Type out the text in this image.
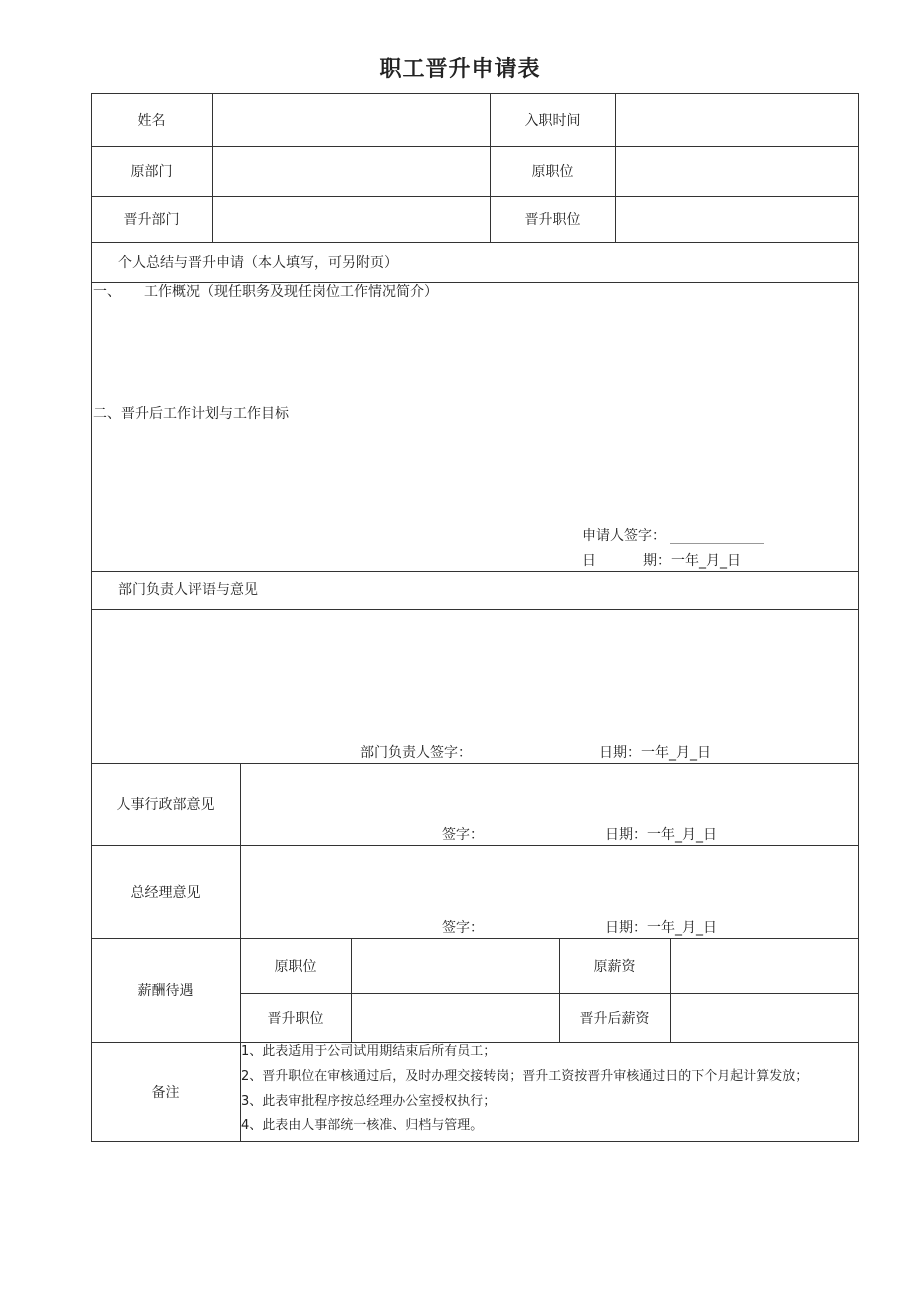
职工晋升申请表
姓名	入职时间
原部门	原职位
晋升部门	晋升职位
个人总结与晋升申请（本人填写，可另附页）
一、 工作概况（现任职务及现任岗位工作情况简介）
二、晋升后工作计划与工作目标
申请人签字：
日	期：一年_月_日
部门负责人评语与意见
部门负责人签字：	日期：一年_月_日
人事行政部意见
签字：	日期：一年_月_日
总经理意见
签字：	日期：一年_月_日
薪酬待遇
原职位	原薪资
晋升职位	晋升后薪资
备注
1、此表适用于公司试用期结束后所有员工；
2、晋升职位在审核通过后，及时办理交接转岗；晋升工资按晋升审核通过日的下个月起计算发放；
3、此表审批程序按总经理办公室授权执行；
4、此表由人事部统一核准、归档与管理。
